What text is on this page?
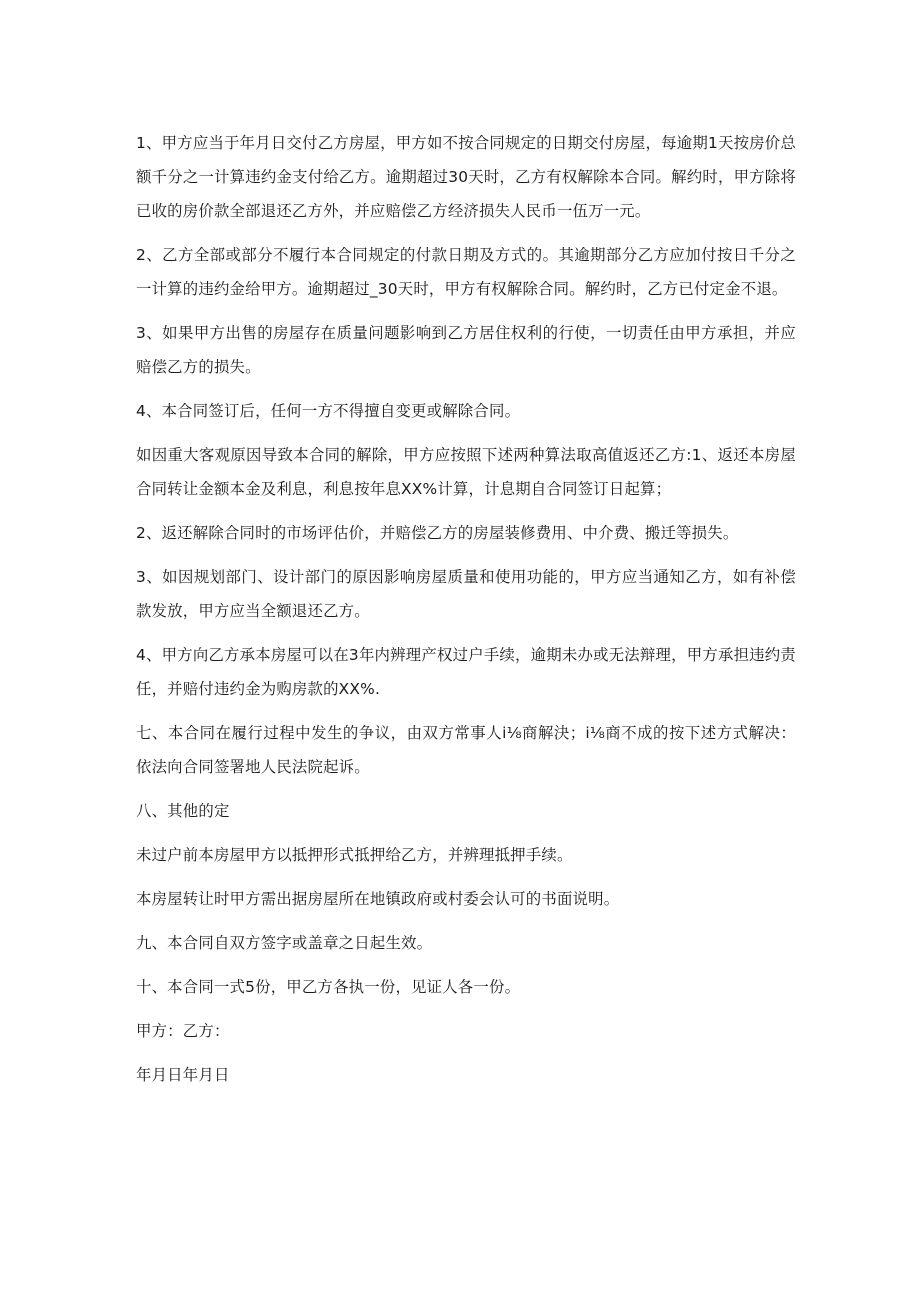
1、甲方应当于年月日交付乙方房屋，甲方如不按合同规定的日期交付房屋，每逾期1天按房价总额千分之一计算违约金支付给乙方。逾期超过30天时，乙方有权解除本合同。解约时，甲方除将已收的房价款全部退还乙方外，并应赔偿乙方经济损失人民币一伍万一元。

2、乙方全部或部分不履行本合同规定的付款日期及方式的。其逾期部分乙方应加付按日千分之一计算的违约金给甲方。逾期超过_30天时，甲方有权解除合同。解约时，乙方已付定金不退。

3、如果甲方出售的房屋存在质量问题影响到乙方居住权利的行使，一切责任由甲方承担，并应赔偿乙方的损失。

4、本合同签订后，任何一方不得擅自变更或解除合同。

如因重大客观原因导致本合同的解除，甲方应按照下述两种算法取高值返还乙方:1、返还本房屋合同转让金额本金及利息，利息按年息XX%计算，计息期自合同签订日起算；

2、返还解除合同时的市场评估价，并赔偿乙方的房屋装修费用、中介费、搬迁等损失。

3、如因规划部门、设计部门的原因影响房屋质量和使用功能的，甲方应当通知乙方，如有补偿款发放，甲方应当全额退还乙方。

4、甲方向乙方承本房屋可以在3年内辨理产权过户手续，逾期未办或无法辩理，甲方承担违约责任，并赔付违约金为购房款的XX%.

七、本合同在履行过程中发生的争议，由双方常事人i⅛商解決；i⅛商不成的按下述方式解决：依法向合同签署地人民法院起诉。

八、其他的定

未过户前本房屋甲方以抵押形式抵押给乙方，并辨理抵押手续。

本房屋转让时甲方需出据房屋所在地镇政府或村委会认可的书面说明。

九、本合同自双方签字或盖章之日起生效。

十、本合同一式5份，甲乙方各执一份，见证人各一份。

甲方：乙方：

年月日年月日
